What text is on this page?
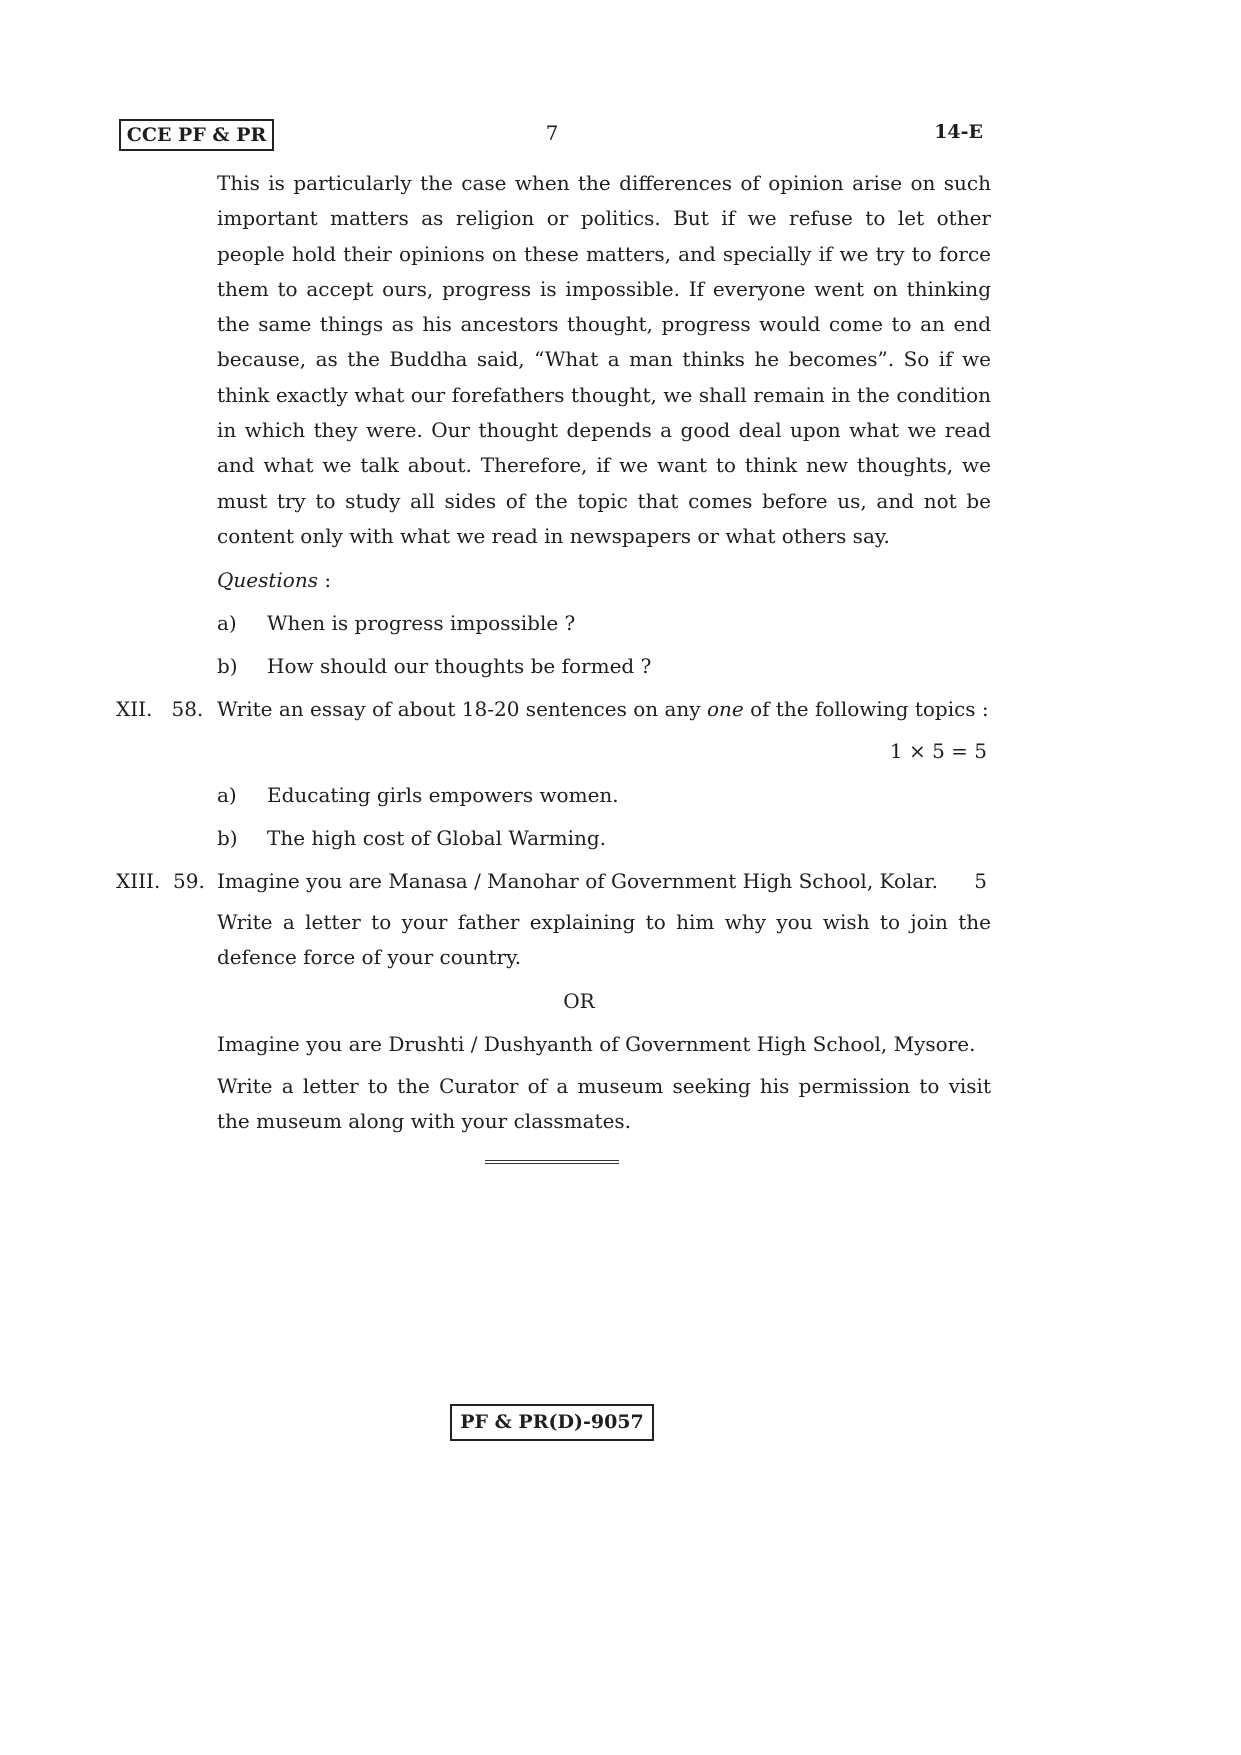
CCE PF & PR	7	14-E
This is particularly the case when the differences of opinion arise on such important matters as religion or politics. But if we refuse to let other people hold their opinions on these matters, and specially if we try to force them to accept ours, progress is impossible. If everyone went on thinking the same things as his ancestors thought, progress would come to an end because, as the Buddha said, “What a man thinks he becomes”. So if we think exactly what our forefathers thought, we shall remain in the condition in which they were. Our thought depends a good deal upon what we read and what we talk about. Therefore, if we want to think new thoughts, we must try to study all sides of the topic that comes before us, and not be content only with what we read in newspapers or what others say.
Questions :
a) When is progress impossible ?
b) How should our thoughts be formed ?
XII.   58. Write an essay of about 18-20 sentences on any one of the following topics :
1 × 5 = 5
a) Educating girls empowers women.
b) The high cost of Global Warming.
XIII.  59. Imagine you are Manasa / Manohar of Government High School, Kolar. 5
Write a letter to your father explaining to him why you wish to join the defence force of your country.
OR
Imagine you are Drushti / Dushyanth of Government High School, Mysore.
Write a letter to the Curator of a museum seeking his permission to visit the museum along with your classmates.
PF & PR(D)-9057
